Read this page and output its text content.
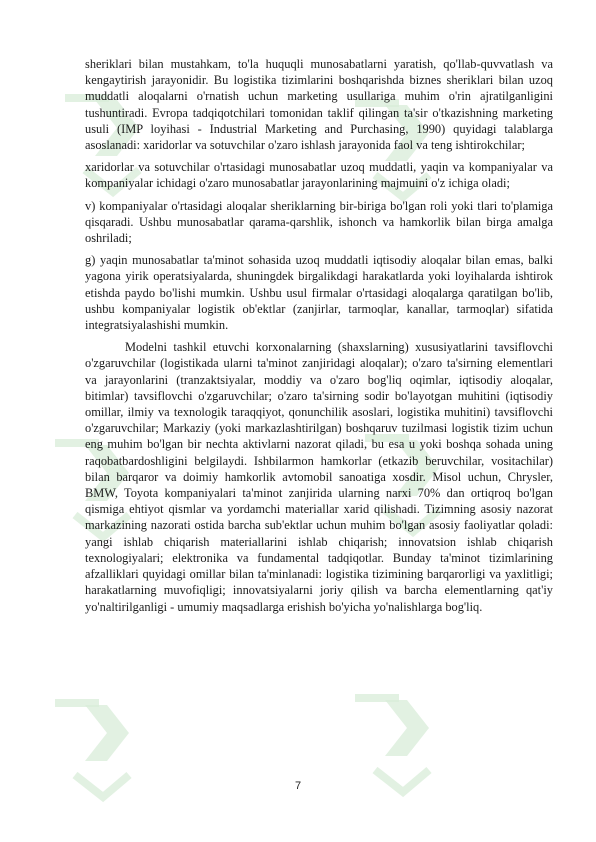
sheriklari bilan mustahkam, to'la huquqli munosabatlarni yaratish, qo'llab-quvvatlash va kengaytirish jarayonidir. Bu logistika tizimlarini boshqarishda biznes sheriklari bilan uzoq muddatli aloqalarni o'rnatish uchun marketing usullariga muhim o'rin ajratilganligini tushuntiradi. Evropa tadqiqotchilari tomonidan taklif qilingan ta'sir o'tkazishning marketing usuli (IMP loyihasi - Industrial Marketing and Purchasing, 1990) quyidagi talablarga asoslanadi: xaridorlar va sotuvchilar o'zaro ishlash jarayonida faol va teng ishtirokchilar;

xaridorlar va sotuvchilar o'rtasidagi munosabatlar uzoq muddatli, yaqin va kompaniyalar va kompaniyalar ichidagi o'zaro munosabatlar jarayonlarining majmuini o'z ichiga oladi;

v) kompaniyalar o'rtasidagi aloqalar sheriklarning bir-biriga bo'lgan roli yoki tlari to'plamiga qisqaradi. Ushbu munosabatlar qarama-qarshlik, ishonch va hamkorlik bilan birga amalga oshriladi;

g) yaqin munosabatlar ta'minot sohasida uzoq muddatli iqtisodiy aloqalar bilan emas, balki yagona yirik operatsiyalarda, shuningdek birgalikdagi harakatlarda yoki loyihalarda ishtirok etishda paydo bo'lishi mumkin. Ushbu usul firmalar o'rtasidagi aloqalarga qaratilgan bo'lib, ushbu kompaniyalar logistik ob'ektlar (zanjirlar, tarmoqlar, kanallar, tarmoqlar) sifatida integratsiyalashishi mumkin.

Modelni tashkil etuvchi korxonalarning (shaxslarning) xususiyatlarini tavsiflovchi o'zgaruvchilar (logistikada ularni ta'minot zanjiridagi aloqalar); o'zaro ta'sirning elementlari va jarayonlarini (tranzaktsiyalar, moddiy va o'zaro bog'liq oqimlar, iqtisodiy aloqalar, bitimlar) tavsiflovchi o'zgaruvchilar; o'zaro ta'sirning sodir bo'layotgan muhitini (iqtisodiy omillar, ilmiy va texnologik taraqqiyot, qonunchilik asoslari, logistika muhitini) tavsiflovchi o'zgaruvchilar; Markaziy (yoki markazlashtirilgan) boshqaruv tuzilmasi logistik tizim uchun eng muhim bo'lgan bir nechta aktivlarni nazorat qiladi, bu esa u yoki boshqa sohada uning raqobatbardoshligini belgilaydi. Ishbilarmon hamkorlar (etkazib beruvchilar, vositachilar) bilan barqaror va doimiy hamkorlik avtomobil sanoatiga xosdir. Misol uchun, Chrysler, BMW, Toyota kompaniyalari ta'minot zanjirida ularning narxi 70% dan ortiqroq bo'lgan qismiga ehtiyot qismlar va yordamchi materiallar xarid qilishadi. Tizimning asosiy nazorat markazining nazorati ostida barcha sub'ektlar uchun muhim bo'lgan asosiy faoliyatlar qoladi: yangi ishlab chiqarish materiallarini ishlab chiqarish; innovatsion ishlab chiqarish texnologiyalari; elektronika va fundamental tadqiqotlar. Bunday ta'minot tizimlarining afzalliklari quyidagi omillar bilan ta'minlanadi: logistika tizimining barqarorligi va yaxlitligi; harakatlarning muvofiqligi; innovatsiyalarni joriy qilish va barcha elementlarning qat'iy yo'naltirilganligi - umumiy maqsadlarga erishish bo'yicha yo'nalishlarga bog'liq.

7
